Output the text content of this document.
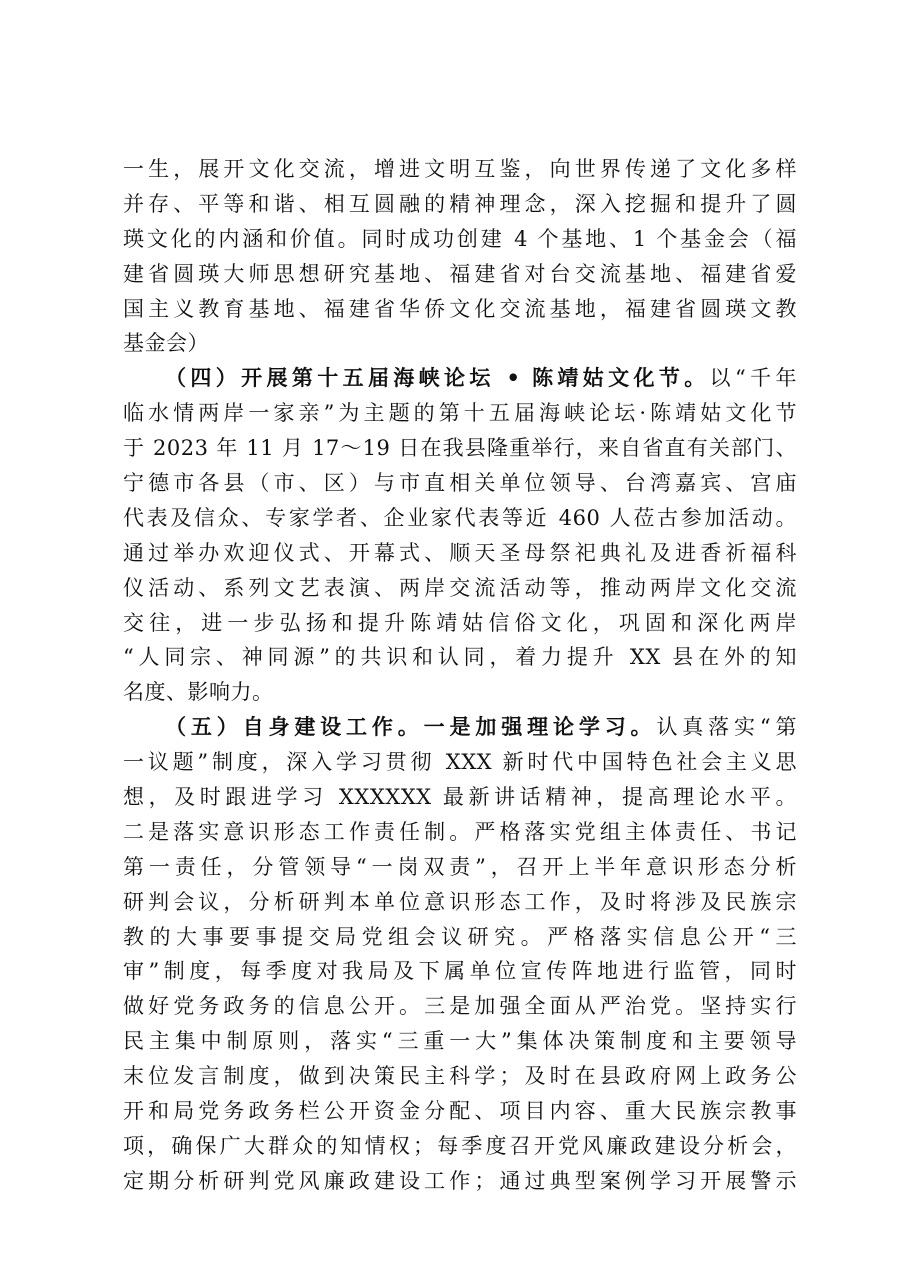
一生，展开文化交流，增进文明互鉴，向世界传递了文化多样
并存、平等和谐、相互圆融的精神理念，深入挖掘和提升了圆
瑛文化的内涵和价值。同时成功创建 4 个基地、1 个基金会（福
建省圆瑛大师思想研究基地、福建省对台交流基地、福建省爱
国主义教育基地、福建省华侨文化交流基地，福建省圆瑛文教
基金会）
（四）开展第十五届海峡论坛 • 陈靖姑文化节。以“千年
临水情两岸一家亲”为主题的第十五届海峡论坛·陈靖姑文化节
于 2023 年 11 月 17～19 日在我县隆重举行，来自省直有关部门、
宁德市各县（市、区）与市直相关单位领导、台湾嘉宾、宫庙
代表及信众、专家学者、企业家代表等近 460 人莅古参加活动。
通过举办欢迎仪式、开幕式、顺天圣母祭祀典礼及进香祈福科
仪活动、系列文艺表演、两岸交流活动等，推动两岸文化交流
交往，进一步弘扬和提升陈靖姑信俗文化，巩固和深化两岸
“人同宗、神同源”的共识和认同，着力提升 XX 县在外的知
名度、影响力。
（五）自身建设工作。一是加强理论学习。认真落实“第
一议题”制度，深入学习贯彻 XXX 新时代中国特色社会主义思
想，及时跟进学习 XXXXXX 最新讲话精神，提高理论水平。
二是落实意识形态工作责任制。严格落实党组主体责任、书记
第一责任，分管领导“一岗双责”，召开上半年意识形态分析
研判会议，分析研判本单位意识形态工作，及时将涉及民族宗
教的大事要事提交局党组会议研究。严格落实信息公开“三
审”制度，每季度对我局及下属单位宣传阵地进行监管，同时
做好党务政务的信息公开。三是加强全面从严治党。坚持实行
民主集中制原则，落实“三重一大”集体决策制度和主要领导
末位发言制度，做到决策民主科学；及时在县政府网上政务公
开和局党务政务栏公开资金分配、项目内容、重大民族宗教事
项，确保广大群众的知情权；每季度召开党风廉政建设分析会，
定期分析研判党风廉政建设工作；通过典型案例学习开展警示
